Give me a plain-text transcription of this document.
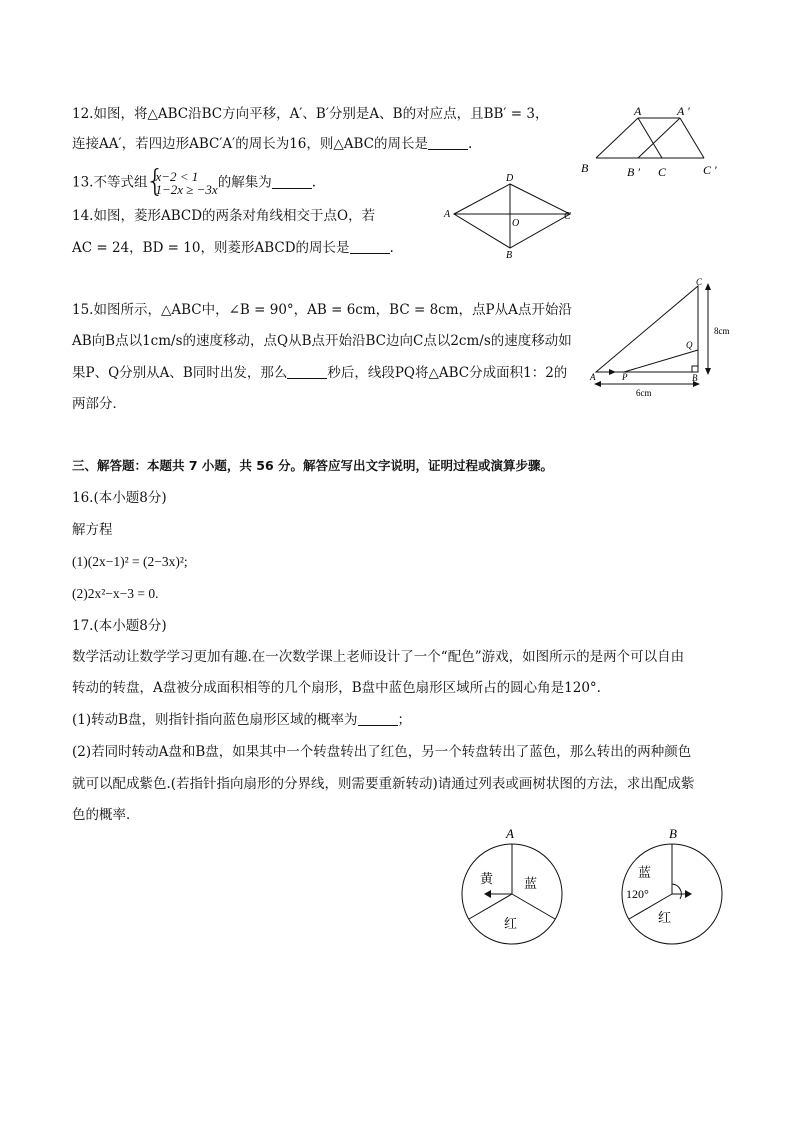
12.如图，将△ABC沿BC方向平移，A′、B′分别是A、B的对应点，且BB′ = 3，
连接AA′，若四边形ABC′A′的周长为16，则△ABC的周长是	.
A	A ′
B	B ′ C	C ′
13.不等式组
{
x−2 < 1
1−2x ≥ −3x 的解集为	.
14.如图，菱形ABCD的两条对角线相交于点O，若
AC = 24，BD = 10，则菱形ABCD的周长是	.
D
A	C
O
B
15.如图所示，△ABC中，∠B = 90°，AB = 6cm，BC = 8cm，点P从A点开始沿
AB向B点以1cm/s的速度移动，点Q从B点开始沿BC边向C点以2cm/s的速度移动如
果P、Q分别从A、B同时出发，那么	秒后，线段PQ将△ABC分成面积1：2的
两部分．
C
Q
A	P	B
8cm
6cm
三、解答题：本题共 7 小题，共 56 分。解答应写出文字说明，证明过程或演算步骤。
16.(本小题8分)
解方程
(1)(2x−1)² = (2−3x)²;
(2)2x²−x−3 = 0.
17.(本小题8分)
数学活动让数学学习更加有趣.在一次数学课上老师设计了一个“配色”游戏，如图所示的是两个可以自由
转动的转盘，A盘被分成面积相等的几个扇形，B盘中蓝色扇形区域所占的圆心角是120°.
(1)转动B盘，则指针指向蓝色扇形区域的概率为	；
(2)若同时转动A盘和B盘，如果其中一个转盘转出了红色，另一个转盘转出了蓝色，那么转出的两种颜色
就可以配成紫色.(若指针指向扇形的分界线，则需要重新转动)请通过列表或画树状图的方法，求出配成紫
色的概率．
A
黄 蓝
红
B
蓝
120°
红
